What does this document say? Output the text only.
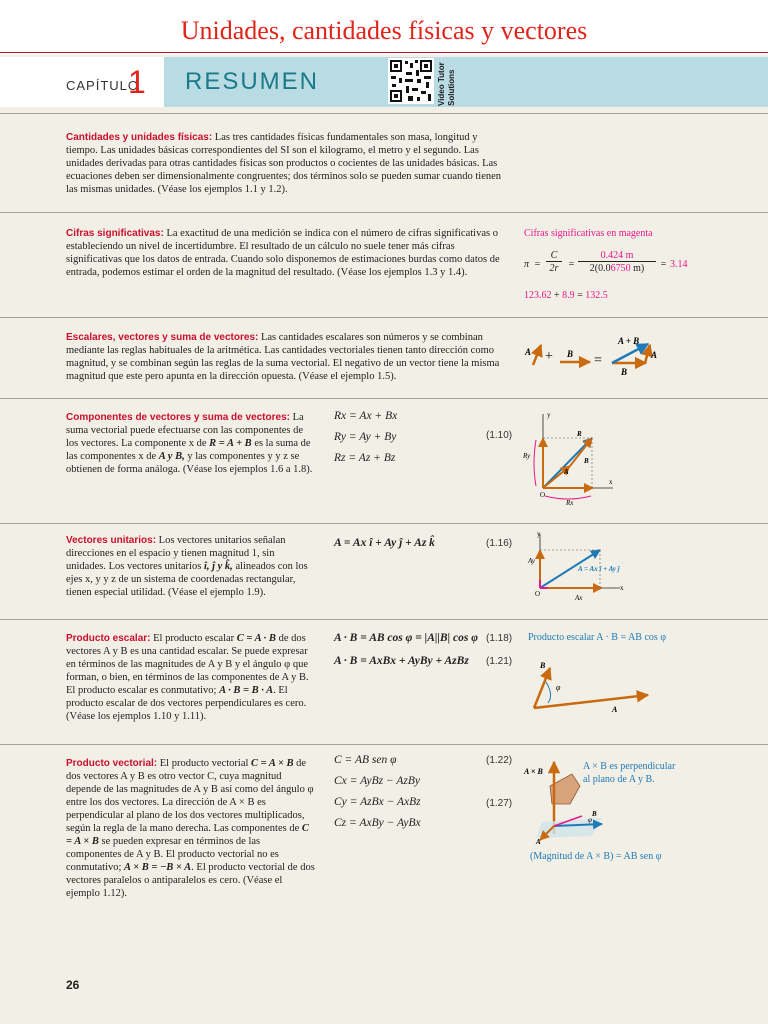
Unidades, cantidades físicas y vectores
CAPÍTULO
1 RESUMEN	Video Tutor Solutions
Cantidades y unidades físicas: Las tres cantidades físicas fundamentales son masa, longitud y tiempo. Las unidades básicas correspondientes del SI son el kilogramo, el metro y el segundo. Las unidades derivadas para otras cantidades físicas son productos o cocientes de las unidades básicas. Las ecuaciones deben ser dimensionalmente congruentes; dos términos solo se pueden sumar cuando tienen las mismas unidades. (Véase los ejemplos 1.1 y 1.2).
Cifras significativas: La exactitud de una medición se indica con el número de cifras significativas o estableciendo un nivel de incertidumbre. El resultado de un cálculo no suele tener más cifras significativas que los datos de entrada. Cuando solo disponemos de estimaciones burdas como datos de entrada, podemos estimar el orden de la magnitud del resultado. (Véase los ejemplos 1.3 y 1.4).
Cifras significativas en magenta
π =
C
2r =
0.424 m
2(0.06750 m)	= 3.14
123.62 + 8.9 = 132.5
Escalares, vectores y suma de vectores: Las cantidades escalares son números y se combinan mediante las reglas habituales de la aritmética. Las cantidades vectoriales tienen tanto dirección como magnitud, y se combinan según las reglas de la suma vectorial. El negativo de un vector tiene la misma magnitud que este pero apunta en la dirección opuesta. (Véase el ejemplo 1.5).
A + B =
A + B
A
B
Componentes de vectores y suma de vectores: La suma vectorial puede efectuarse con las componentes de los vectores. La componente x de R = A + B es la suma de las componentes x de A y B, y las componentes y y z se obtienen de forma análoga. (Véase los ejemplos 1.6 a 1.8).
Rx = Ax + Bx
Ry = Ay + By
Rz = Az + Bz
(1.10)
y
x
O
R
A
B
Ry
Rx
Vectores unitarios: Los vectores unitarios señalan direcciones en el espacio y tienen magnitud 1, sin unidades. Los vectores unitarios î, ĵ y k̂, alineados con los ejes x, y y z de un sistema de coordenadas rectangular, tienen especial utilidad. (Véase el ejemplo 1.9).
A = Ax î + Ay ĵ + Az k̂	(1.16)
y
x
O
A = Ax î + Ay ĵ
Ay
Ax
Producto escalar: El producto escalar C = A · B de dos vectores A y B es una cantidad escalar. Se puede expresar en términos de las magnitudes de A y B y el ángulo φ que forman, o bien, en términos de las componentes de A y B. El producto escalar es conmutativo; A · B = B · A. El producto escalar de dos vectores perpendiculares es cero. (Véase los ejemplos 1.10 y 1.11).
A · B = AB cos φ = |A||B| cos φ (1.18)
A · B = AxBx + AyBy + AzBz (1.21)
Producto escalar A · B = AB cos φ
φ
B
A
Producto vectorial: El producto vectorial C = A × B de dos vectores A y B es otro vector C, cuya magnitud depende de las magnitudes de A y B así como del ángulo φ entre los dos vectores. La dirección de A × B es perpendicular al plano de los dos vectores multiplicados, según la regla de la mano derecha. Las componentes de C = A × B se pueden expresar en términos de las componentes de A y B. El producto vectorial no es conmutativo; A × B = −B × A. El producto vectorial de dos vectores paralelos o antiparalelos es cero. (Véase el ejemplo 1.12).
C = AB sen φ
Cx = AyBz − AzBy
Cy = AzBx − AxBz
Cz = AxBy − AyBx
(1.22)
(1.27)
A × B es perpendicular
al plano de A y B.
A × B
φ
B
A
(Magnitud de A × B) = AB sen φ
26
